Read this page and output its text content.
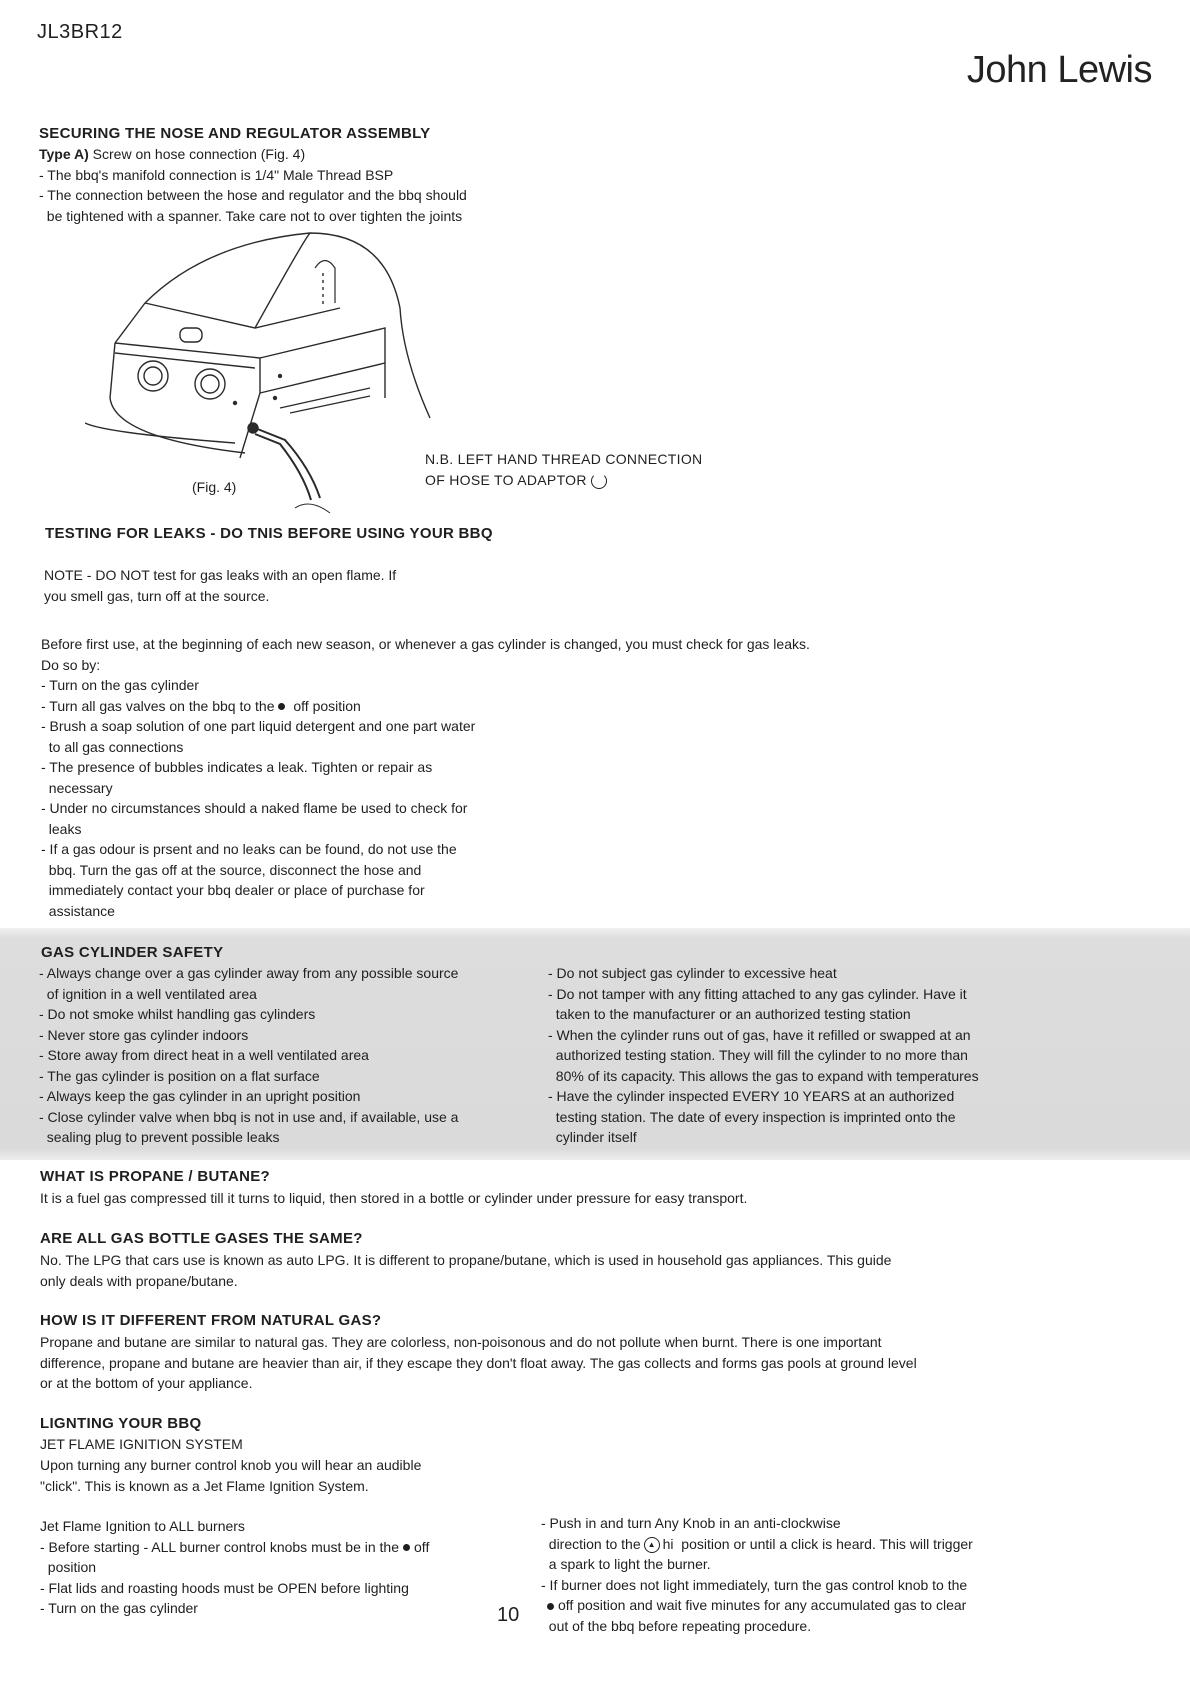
JL3BR12
John Lewis
SECURING THE NOSE AND REGULATOR ASSEMBLY
Type A) Screw on hose connection (Fig. 4)
- The bbq's manifold connection is 1/4" Male Thread BSP
- The connection between the hose and regulator and the bbq should
be tightened with a spanner. Take care not to over tighten the joints
(Fig. 4)
N.B. LEFT HAND THREAD CONNECTION
OF HOSE TO ADAPTOR
TESTING FOR LEAKS - DO TNIS BEFORE USING YOUR BBQ
NOTE - DO NOT test for gas leaks with an open flame. If
you smell gas, turn off at the source.
Before first use, at the beginning of each new season, or whenever a gas cylinder is changed, you must check for gas leaks.
Do so by:
- Turn on the gas cylinder
- Turn all gas valves on the bbq to the off position
- Brush a soap solution of one part liquid detergent and one part water
to all gas connections
- The presence of bubbles indicates a leak. Tighten or repair as
necessary
- Under no circumstances should a naked flame be used to check for
leaks
- If a gas odour is prsent and no leaks can be found, do not use the
bbq. Turn the gas off at the source, disconnect the hose and
immediately contact your bbq dealer or place of purchase for
assistance
GAS CYLINDER SAFETY
- Always change over a gas cylinder away from any possible source
of ignition in a well ventilated area
- Do not smoke whilst handling gas cylinders
- Never store gas cylinder indoors
- Store away from direct heat in a well ventilated area
- The gas cylinder is position on a flat surface
- Always keep the gas cylinder in an upright position
- Close cylinder valve when bbq is not in use and, if available, use a
sealing plug to prevent possible leaks
- Do not subject gas cylinder to excessive heat
- Do not tamper with any fitting attached to any gas cylinder. Have it
taken to the manufacturer or an authorized testing station
- When the cylinder runs out of gas, have it refilled or swapped at an
authorized testing station. They will fill the cylinder to no more than
80% of its capacity. This allows the gas to expand with temperatures
- Have the cylinder inspected EVERY 10 YEARS at an authorized
testing station. The date of every inspection is imprinted onto the
cylinder itself
WHAT IS PROPANE / BUTANE?
It is a fuel gas compressed till it turns to liquid, then stored in a bottle or cylinder under pressure for easy transport.
ARE ALL GAS BOTTLE GASES THE SAME?
No. The LPG that cars use is known as auto LPG. It is different to propane/butane, which is used in household gas appliances. This guide
only deals with propane/butane.
HOW IS IT DIFFERENT FROM NATURAL GAS?
Propane and butane are similar to natural gas. They are colorless, non-poisonous and do not pollute when burnt. There is one important
difference, propane and butane are heavier than air, if they escape they don't float away. The gas collects and forms gas pools at ground level
or at the bottom of your appliance.
LIGNTING YOUR BBQ
JET FLAME IGNITION SYSTEM
Upon turning any burner control knob you will hear an audible
"click". This is known as a Jet Flame Ignition System.
Jet Flame Ignition to ALL burners
- Before starting - ALL burner control knobs must be in the off
position
- Flat lids and roasting hoods must be OPEN before lighting
- Turn on the gas cylinder
- Push in and turn Any Knob in an anti-clockwise
direction to the ▲ hi  position or until a click is heard. This will trigger
a spark to light the burner.
- If burner does not light immediately, turn the gas control knob to the
off position and wait five minutes for any accumulated gas to clear
out of the bbq before repeating procedure.
10
